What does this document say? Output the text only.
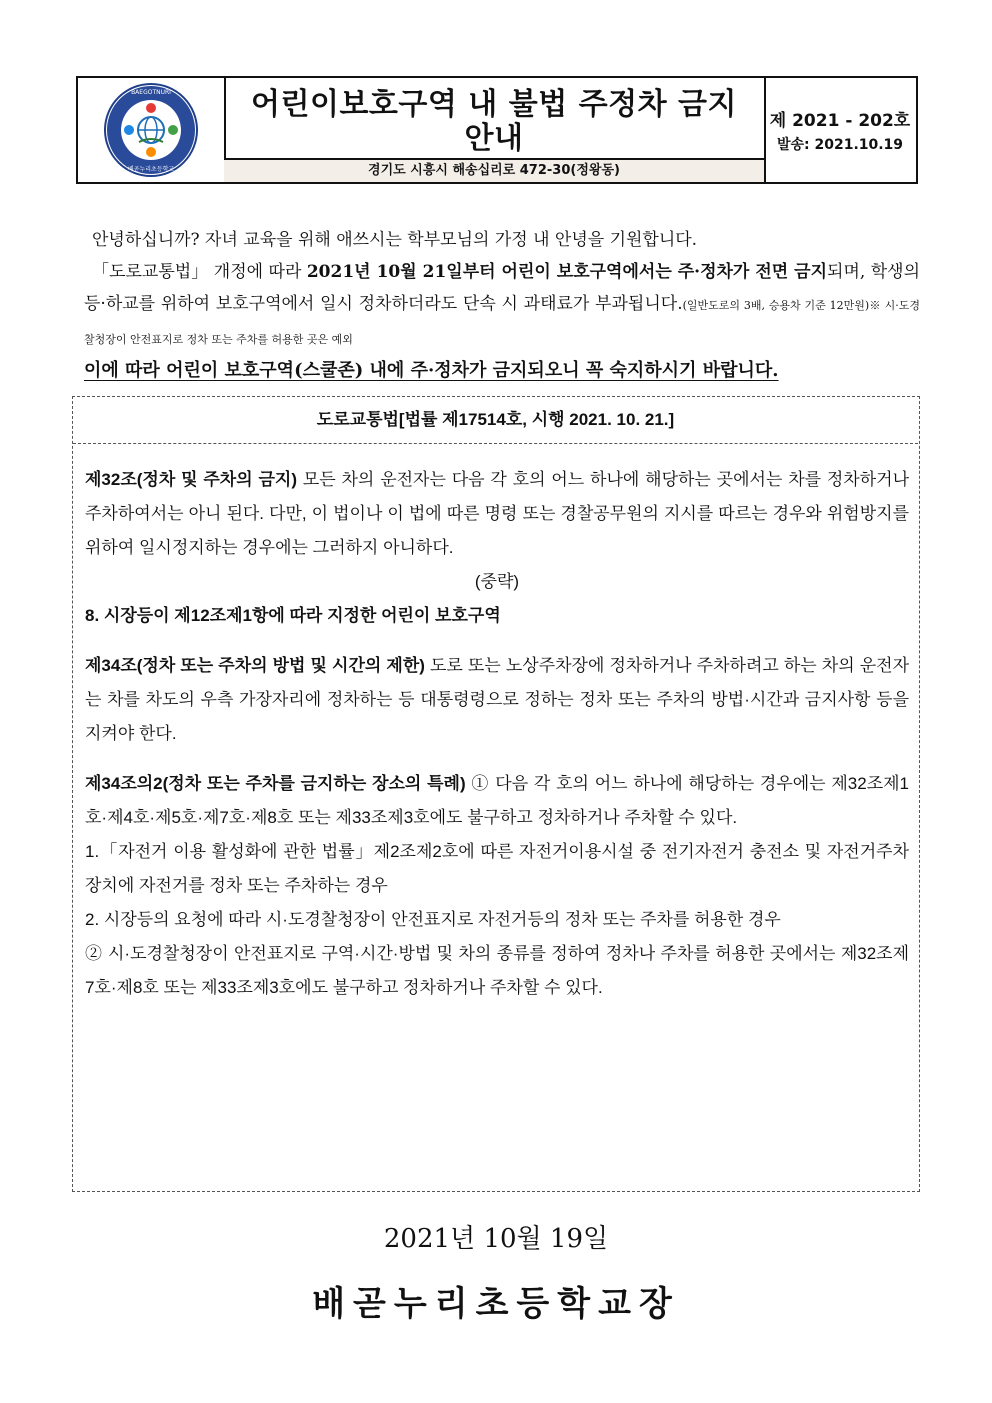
BAEGOTNURI
배곧누리초등학교
어린이보호구역 내 불법 주정차 금지
안내
경기도 시흥시 해송십리로 472-30(정왕동)
제 2021 - 202호
발송: 2021.10.19

안녕하십니까? 자녀 교육을 위해 애쓰시는 학부모님의 가정 내 안녕을 기원합니다.

「도로교통법」 개정에 따라 2021년 10월 21일부터 어린이 보호구역에서는 주·정차가 전면 금지되며, 학생의 등·하교를 위하여 보호구역에서 일시 정차하더라도 단속 시 과태료가 부과됩니다.(일반도로의 3배, 승용차 기준 12만원)※ 시·도경찰청장이 안전표지로 정차 또는 주차를 허용한 곳은 예외

이에 따라 어린이 보호구역(스쿨존) 내에 주·정차가 금지되오니 꼭 숙지하시기 바랍니다.
도로교통법[법률 제17514호, 시행 2021. 10. 21.]

제32조(정차 및 주차의 금지) 모든 차의 운전자는 다음 각 호의 어느 하나에 해당하는 곳에서는 차를 정차하거나 주차하여서는 아니 된다. 다만, 이 법이나 이 법에 따른 명령 또는 경찰공무원의 지시를 따르는 경우와 위험방지를 위하여 일시정지하는 경우에는 그러하지 아니하다.

(중략)

8. 시장등이 제12조제1항에 따라 지정한 어린이 보호구역

제34조(정차 또는 주차의 방법 및 시간의 제한) 도로 또는 노상주차장에 정차하거나 주차하려고 하는 차의 운전자는 차를 차도의 우측 가장자리에 정차하는 등 대통령령으로 정하는 정차 또는 주차의 방법·시간과 금지사항 등을 지켜야 한다.

제34조의2(정차 또는 주차를 금지하는 장소의 특례) ① 다음 각 호의 어느 하나에 해당하는 경우에는 제32조제1호·제4호·제5호·제7호·제8호 또는 제33조제3호에도 불구하고 정차하거나 주차할 수 있다.

1.「자전거 이용 활성화에 관한 법률」제2조제2호에 따른 자전거이용시설 중 전기자전거 충전소 및 자전거주차장치에 자전거를 정차 또는 주차하는 경우

2. 시장등의 요청에 따라 시·도경찰청장이 안전표지로 자전거등의 정차 또는 주차를 허용한 경우

② 시·도경찰청장이 안전표지로 구역·시간·방법 및 차의 종류를 정하여 정차나 주차를 허용한 곳에서는 제32조제7호·제8호 또는 제33조제3호에도 불구하고 정차하거나 주차할 수 있다.

2021년 10월 19일
배곧누리초등학교장
